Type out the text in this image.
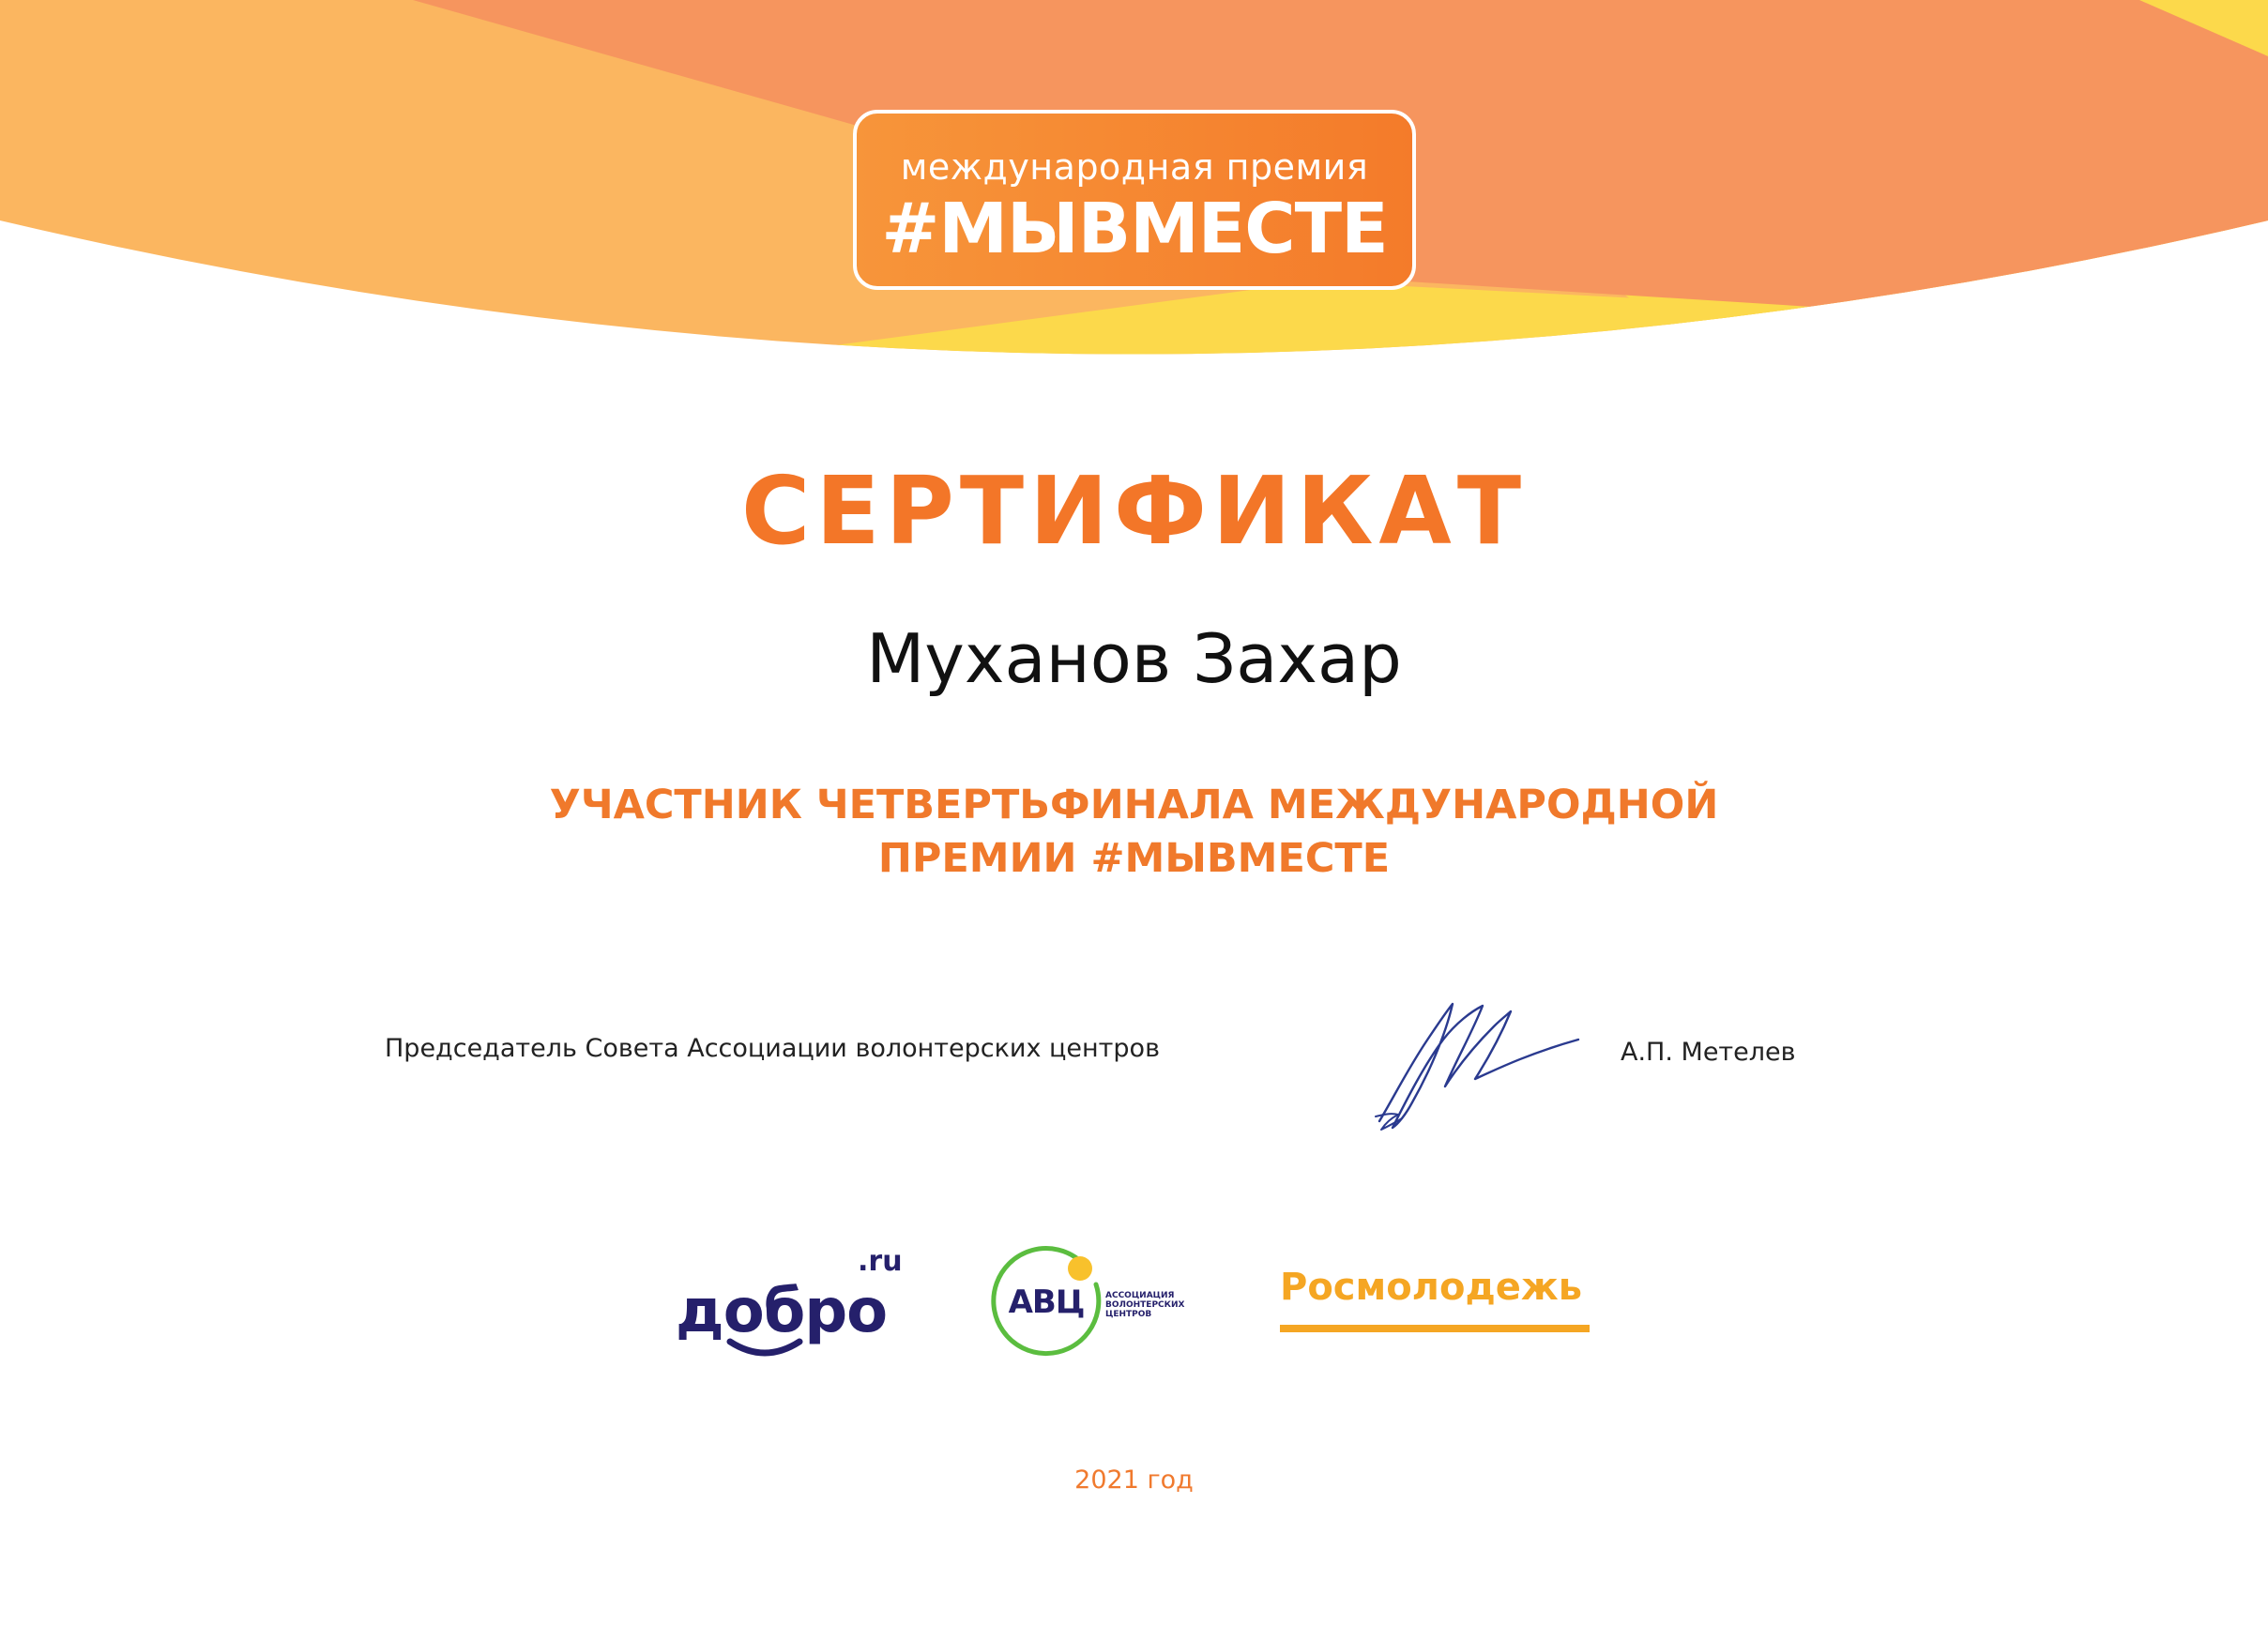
международная премия
#МЫВМЕСТЕ
СЕРТИФИКАТ
Муханов Захар
УЧАСТНИК ЧЕТВЕРТЬФИНАЛА МЕЖДУНАРОДНОЙ
ПРЕМИИ #МЫВМЕСТЕ
Председатель Совета Ассоциации волонтерских центров	А.П. Метелев
добро
.ru
АВЦ	АССОЦИАЦИЯ
ВОЛОНТЕРСКИХ
ЦЕНТРОВ
Росмолодежь
2021 год
